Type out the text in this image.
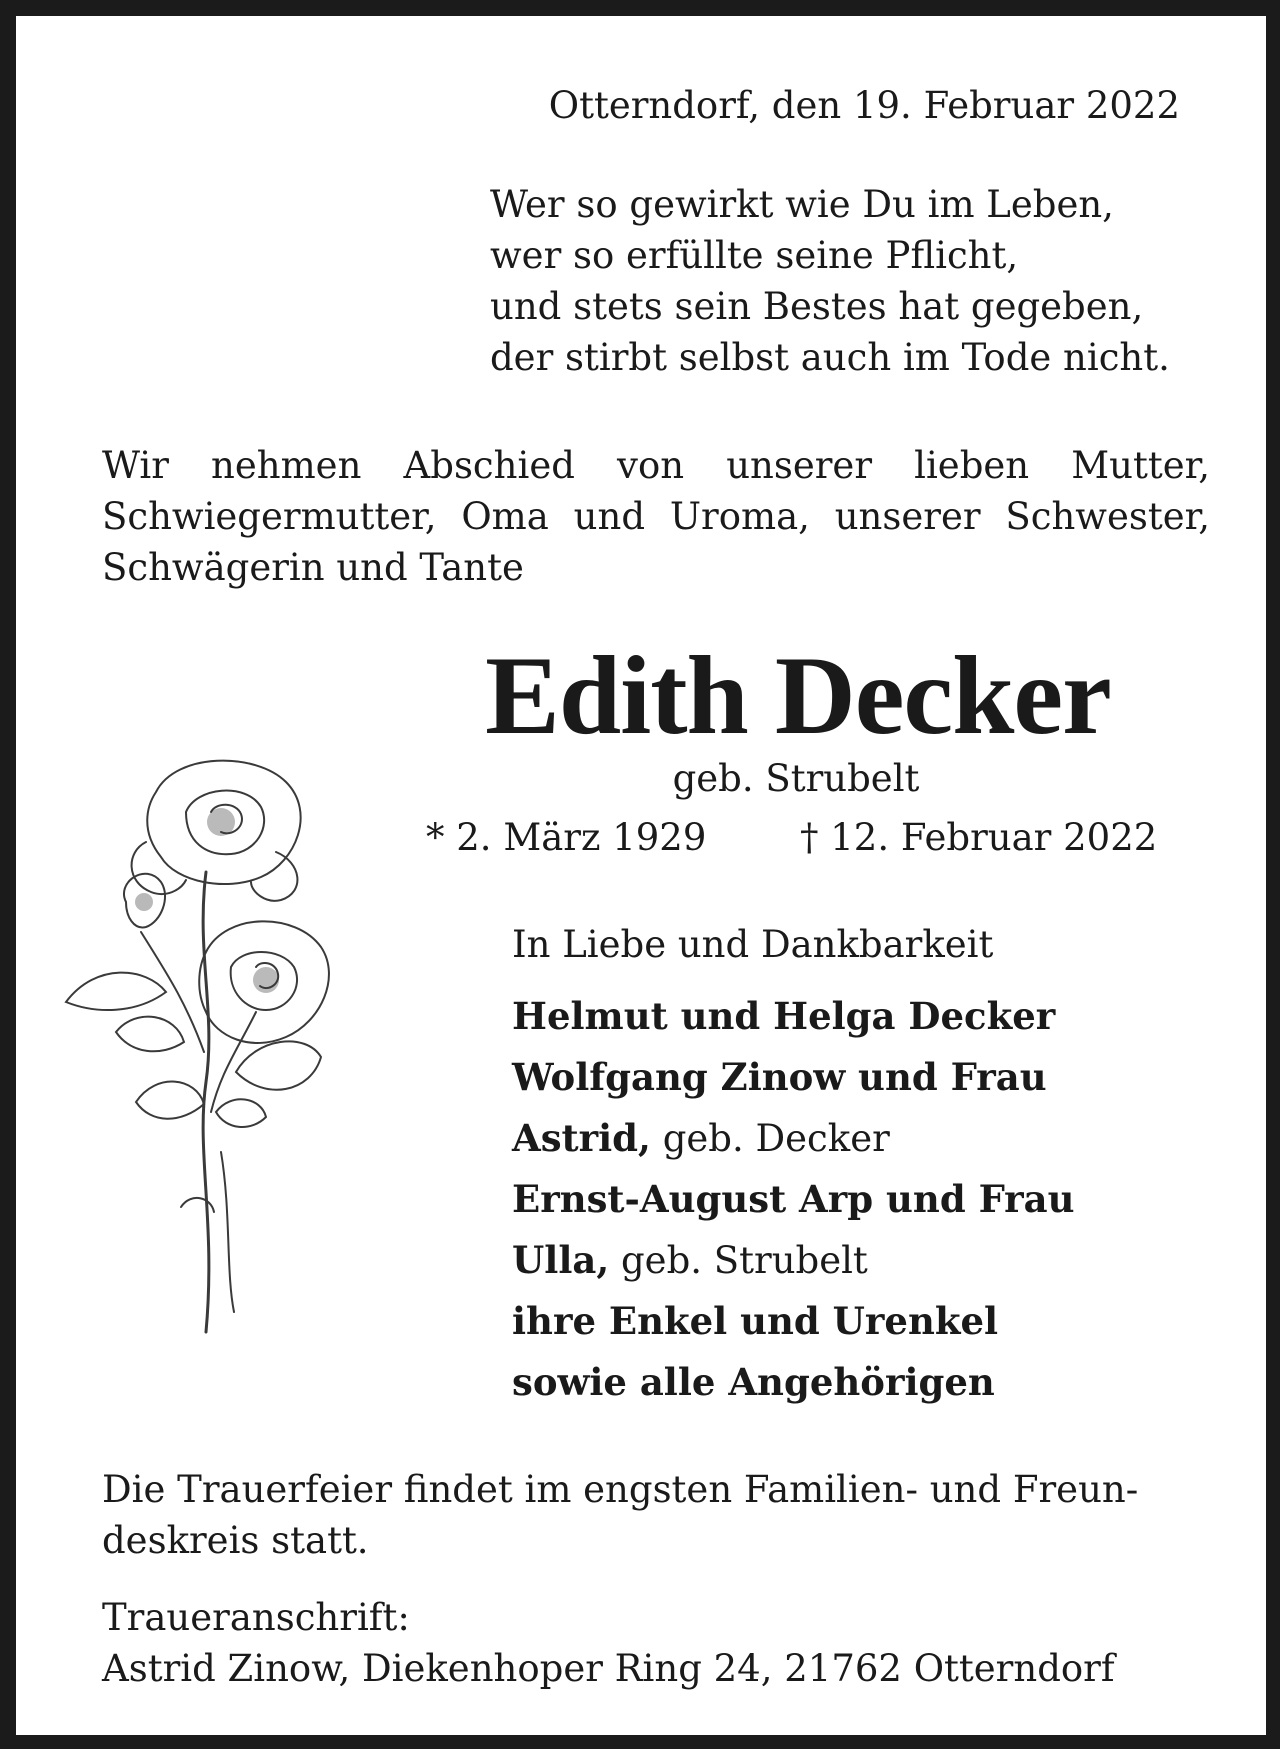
Otterndorf, den 19. Februar 2022
Wer so gewirkt wie Du im Leben,
wer so erfüllte seine Pflicht,
und stets sein Bestes hat gegeben,
der stirbt selbst auch im Tode nicht.
Wir nehmen Abschied von unserer lieben Mutter,
Schwiegermutter, Oma und Uroma, unserer Schwester,
Schwägerin und Tante
Edith Decker
geb. Strubelt
* 2. März 1929	† 12. Februar 2022
In Liebe und Dankbarkeit
Helmut und Helga Decker
Wolfgang Zinow und Frau
Astrid, geb. Decker
Ernst-August Arp und Frau
Ulla, geb. Strubelt
ihre Enkel und Urenkel
sowie alle Angehörigen
Die Trauerfeier findet im engsten Familien- und Freun-
deskreis statt.
Traueranschrift:
Astrid Zinow, Diekenhoper Ring 24, 21762 Otterndorf
